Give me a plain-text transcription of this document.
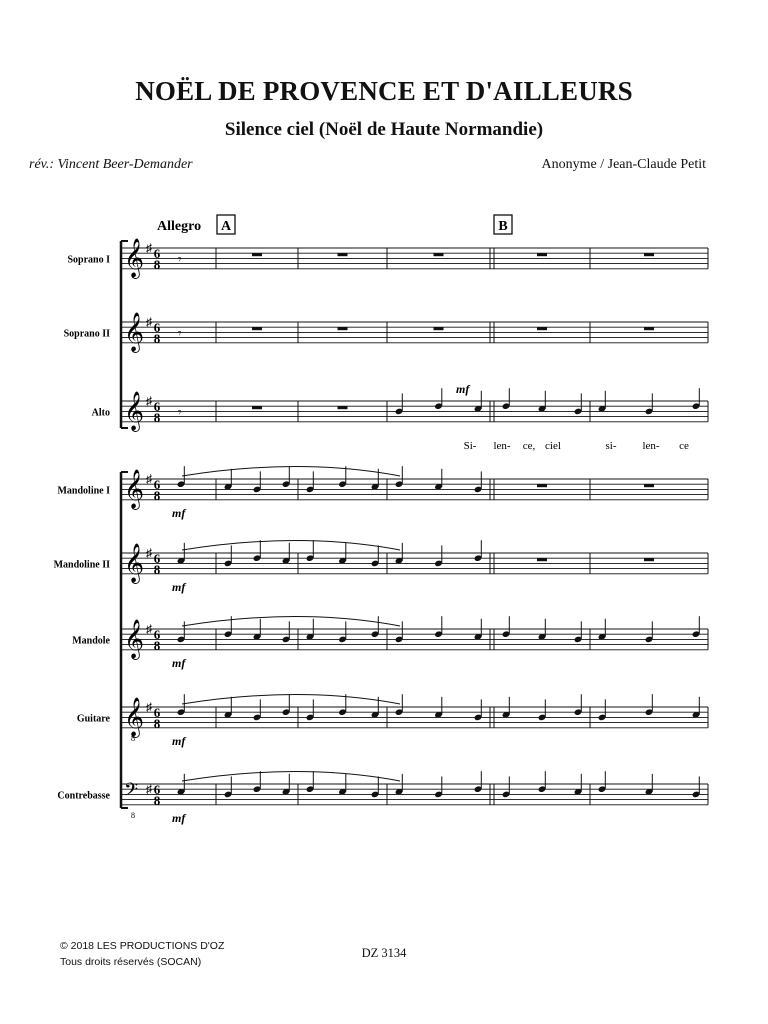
NOËL DE PROVENCE ET D'AILLEURS
Silence ciel (Noël de Haute Normandie)
rév.: Vincent Beer-Demander	Anonyme / Jean-Claude Petit
Allegro A	B
Soprano I 𝄞 ♯ 6
8 𝄾
Soprano II 𝄞 ♯ 6
8 𝄾
Alto 𝄞 ♯ 6
8 𝄾
mf
Mandoline I 𝄞 ♯ 6
8
mf
Mandoline II 𝄞 ♯ 6
8
mf
Mandole 𝄞 ♯ 6
8
mf
Guitare 𝄞
8
♯ 6
8
mf
Contrebasse 𝄢
8
♯ 6
8
mf
Si- len- ce, ciel	si- len- ce
© 2018 LES PRODUCTIONS D'OZ
Tous droits réservés (SOCAN)
DZ 3134
